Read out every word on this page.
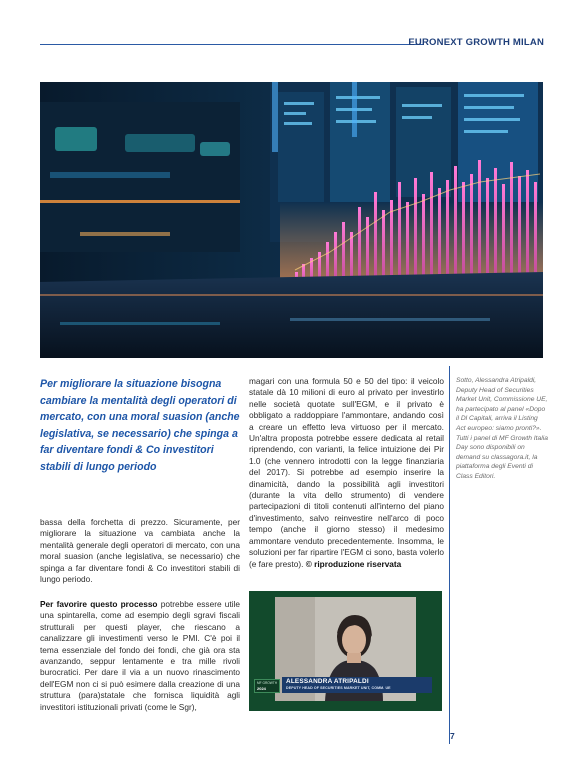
EURONEXT GROWTH MILAN
Per migliorare la situazione bisogna cambiare la mentalità degli operatori di mercato, con una moral suasion (anche legislativa, se necessario) che spinga a far diventare fondi & Co investitori stabili di lungo periodo

bassa della forchetta di prezzo. Sicuramente, per migliorare la situazione va cambiata anche la mentalità generale degli operatori di mercato, con una moral suasion (anche legislativa, se necessario) che spinga a far diventare fondi & Co investitori stabili di lungo periodo.

Per favorire questo processo potrebbe essere utile una spintarella, come ad esempio degli sgravi fiscali strutturali per questi player, che riescano a canalizzare gli investimenti verso le PMI. C'è poi il tema essenziale del fondo dei fondi, che già ora sta avanzando, seppur lentamente e tra mille rivoli burocratici. Per dare il via a un nuovo rinascimento dell'EGM non ci si può esimere dalla creazione di una struttura (para)statale che fornisca liquidità agli investitori istituzionali privati (come le Sgr),

magari con una formula 50 e 50 del tipo: il veicolo statale dà 10 milioni di euro al privato per investirlo nelle società quotate sull'EGM, e il privato è obbligato a raddoppiare l'ammontare, andando così a creare un effetto leva virtuoso per il mercato. Un'altra proposta potrebbe essere dedicata al retail riprendendo, con varianti, la felice intuizione dei Pir 1.0 (che vennero introdotti con la legge finanziaria del 2017). Si potrebbe ad esempio inserire la dinamicità, dando la possibilità agli investitori (durante la vita dello strumento) di vendere partecipazioni di titoli contenuti all'interno del piano d'investimento, salvo reinvestire nell'arco di poco tempo (anche il giorno stesso) il medesimo ammontare venduto precedentemente. Insomma, le soluzioni per far ripartire l'EGM ci sono, basta volerlo (e fare presto). © riproduzione riservata

Sotto, Alessandra Atripaldi, Deputy Head of Securities Market Unit, Commissione UE, ha partecipato al panel «Dopo il Dl Capitali, arriva il Listing Act europeo: siamo pronti?». Tutti i panel di MF Growth Italia Day sono disponibili on demand su classagora.it, la piattaforma degli Eventi di Class Editori.

MF GROWTH
2024
ALESSANDRA ATRIPALDI
DEPUTY HEAD OF SECURITIES MARKET UNIT, COMM. UE
7
